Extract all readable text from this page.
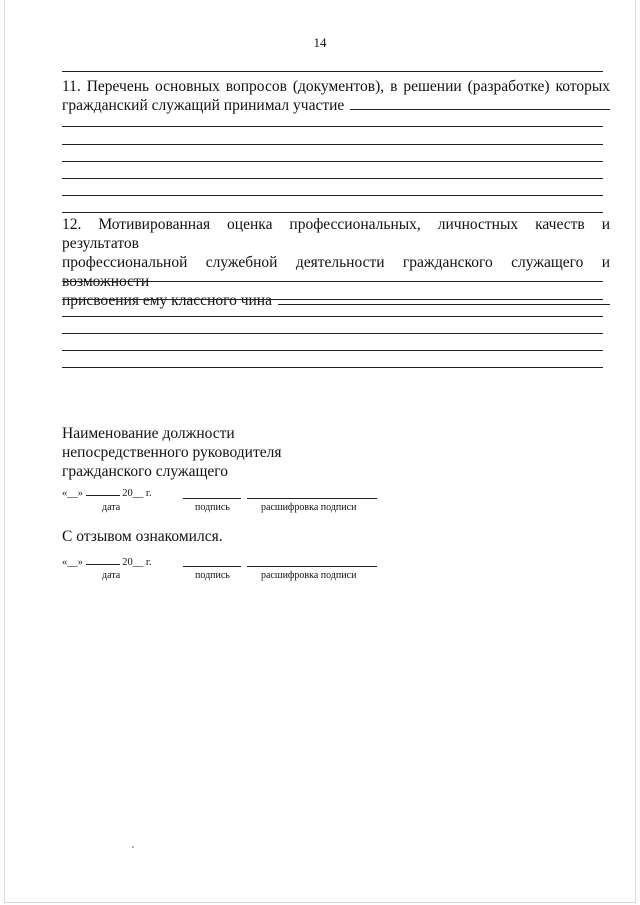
14
11. Перечень основных вопросов (документов), в решении (разработке) которых
гражданский служащий принимал участие
12. Мотивированная оценка профессиональных, личностных качеств и результатов
профессиональной служебной деятельности гражданского служащего и возможности
присвоения ему классного чина
Наименование должности
непосредственного руководителя
гражданского служащего
«__»	20__ г.
дата	подпись	расшифровка подписи
С отзывом ознакомился.
«__»	20__ г.
дата	подпись	расшифровка подписи
